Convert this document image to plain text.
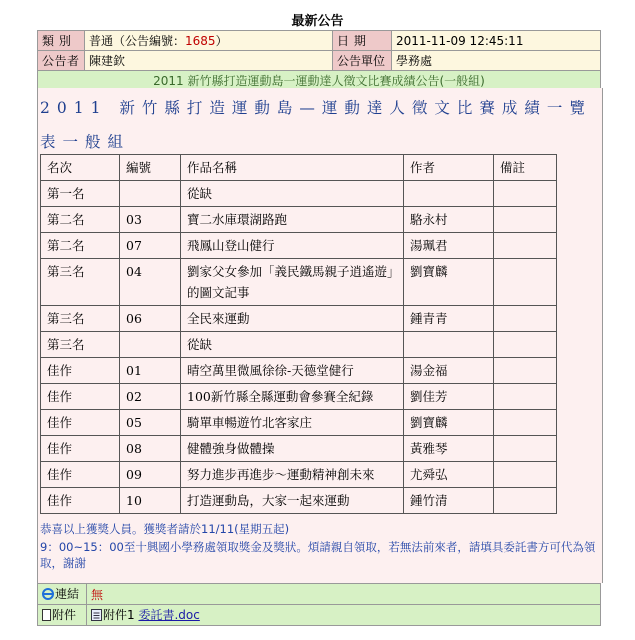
最新公告
類 別	普通（公告編號：1685）	日 期	2011-11-09 12:45:11
公告者	陳建欽	公告單位	學務處
2011 新竹縣打造運動島一運動達人徵文比賽成績公告(一般組)			

2011 新竹縣打造運動島—運動達人徵文比賽成績一覽表一般組

名次	編號	作品名稱	作者	備註
第一名		從缺		
第二名	03	寶二水庫環湖路跑	駱永村	
第二名	07	飛鳳山登山健行	湯珮君	
第三名	04	劉家父女參加「義民鐵馬親子逍遙遊」的圖文記事	劉寶麟	
第三名	06	全民來運動	鍾青青	
第三名		從缺		
佳作	01	晴空萬里微風徐徐-天德堂健行	湯金福	
佳作	02	100新竹縣全縣運動會參賽全紀錄	劉佳芳	
佳作	05	騎單車暢遊竹北客家庄	劉寶麟	
佳作	08	健體強身做體操	黃雅琴	
佳作	09	努力進步再進步～運動精神創未來	尤舜弘	
佳作	10	打造運動島，大家一起來運動	鍾竹清	
恭喜以上獲獎人員。獲獎者請於11/11(星期五起)
9：00~15：00至十興國小學務處領取獎金及獎狀。煩請親自領取，若無法前來者，請填具委託書方可代為領取，謝謝
連結	無
附件	附件1 委託書.doc
